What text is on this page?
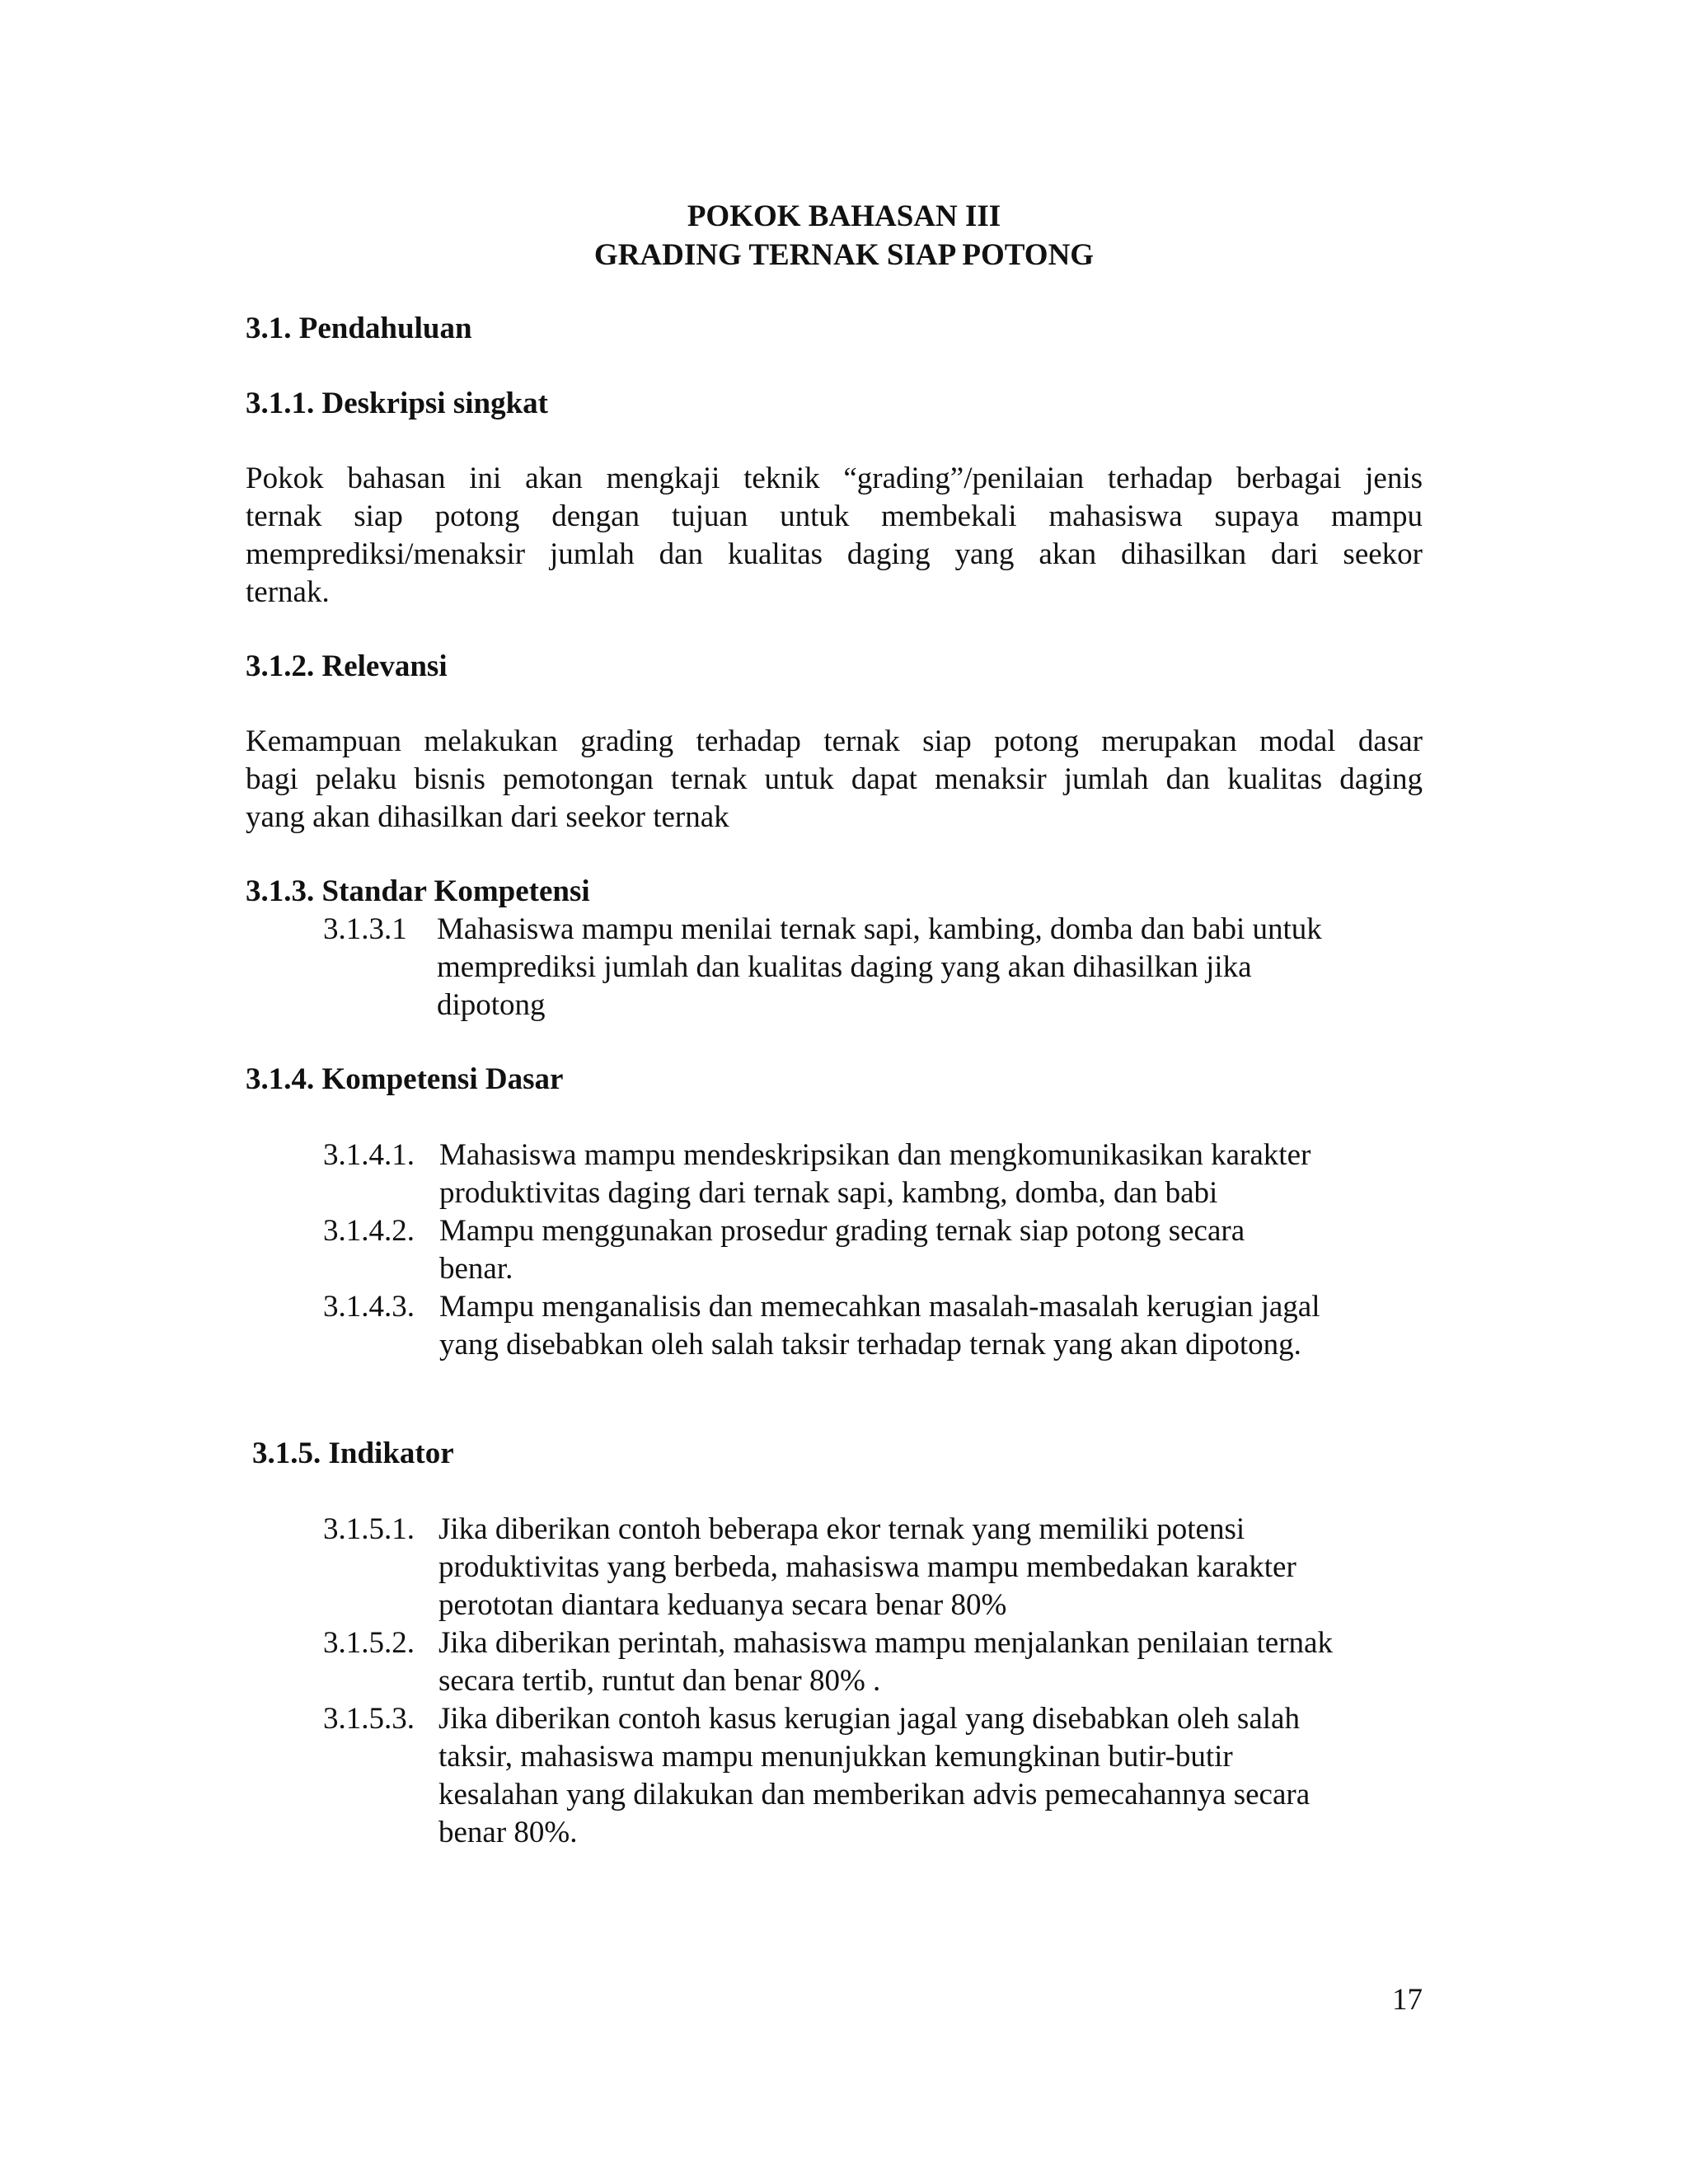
POKOK BAHASAN III
GRADING TERNAK SIAP POTONG
3.1. Pendahuluan
3.1.1. Deskripsi singkat
Pokok bahasan ini akan mengkaji teknik “grading”/penilaian terhadap berbagai jenis
ternak siap potong dengan tujuan untuk membekali mahasiswa supaya mampu
memprediksi/menaksir jumlah dan kualitas daging yang akan dihasilkan dari seekor
ternak.
3.1.2. Relevansi
Kemampuan melakukan grading terhadap ternak siap potong merupakan modal dasar
bagi pelaku bisnis pemotongan ternak untuk dapat menaksir jumlah dan kualitas daging
yang akan dihasilkan dari seekor ternak
3.1.3. Standar Kompetensi
3.1.3.1 Mahasiswa mampu menilai ternak sapi, kambing, domba dan babi untuk
memprediksi jumlah dan kualitas daging yang akan dihasilkan jika
dipotong
3.1.4. Kompetensi Dasar
3.1.4.1. Mahasiswa mampu mendeskripsikan dan mengkomunikasikan karakter
produktivitas daging dari ternak sapi, kambng, domba, dan babi
3.1.4.2. Mampu menggunakan prosedur grading ternak siap potong secara
benar.
3.1.4.3. Mampu menganalisis dan memecahkan masalah-masalah kerugian jagal
yang disebabkan oleh salah taksir terhadap ternak yang akan dipotong.
3.1.5. Indikator
3.1.5.1. Jika diberikan contoh beberapa ekor ternak yang memiliki potensi
produktivitas yang berbeda, mahasiswa mampu membedakan karakter
perototan diantara keduanya secara benar 80%
3.1.5.2. Jika diberikan perintah, mahasiswa mampu menjalankan penilaian ternak
secara tertib, runtut dan benar 80% .
3.1.5.3. Jika diberikan contoh kasus kerugian jagal yang disebabkan oleh salah
taksir, mahasiswa mampu menunjukkan kemungkinan butir-butir
kesalahan yang dilakukan dan memberikan advis pemecahannya secara
benar 80%.
17
